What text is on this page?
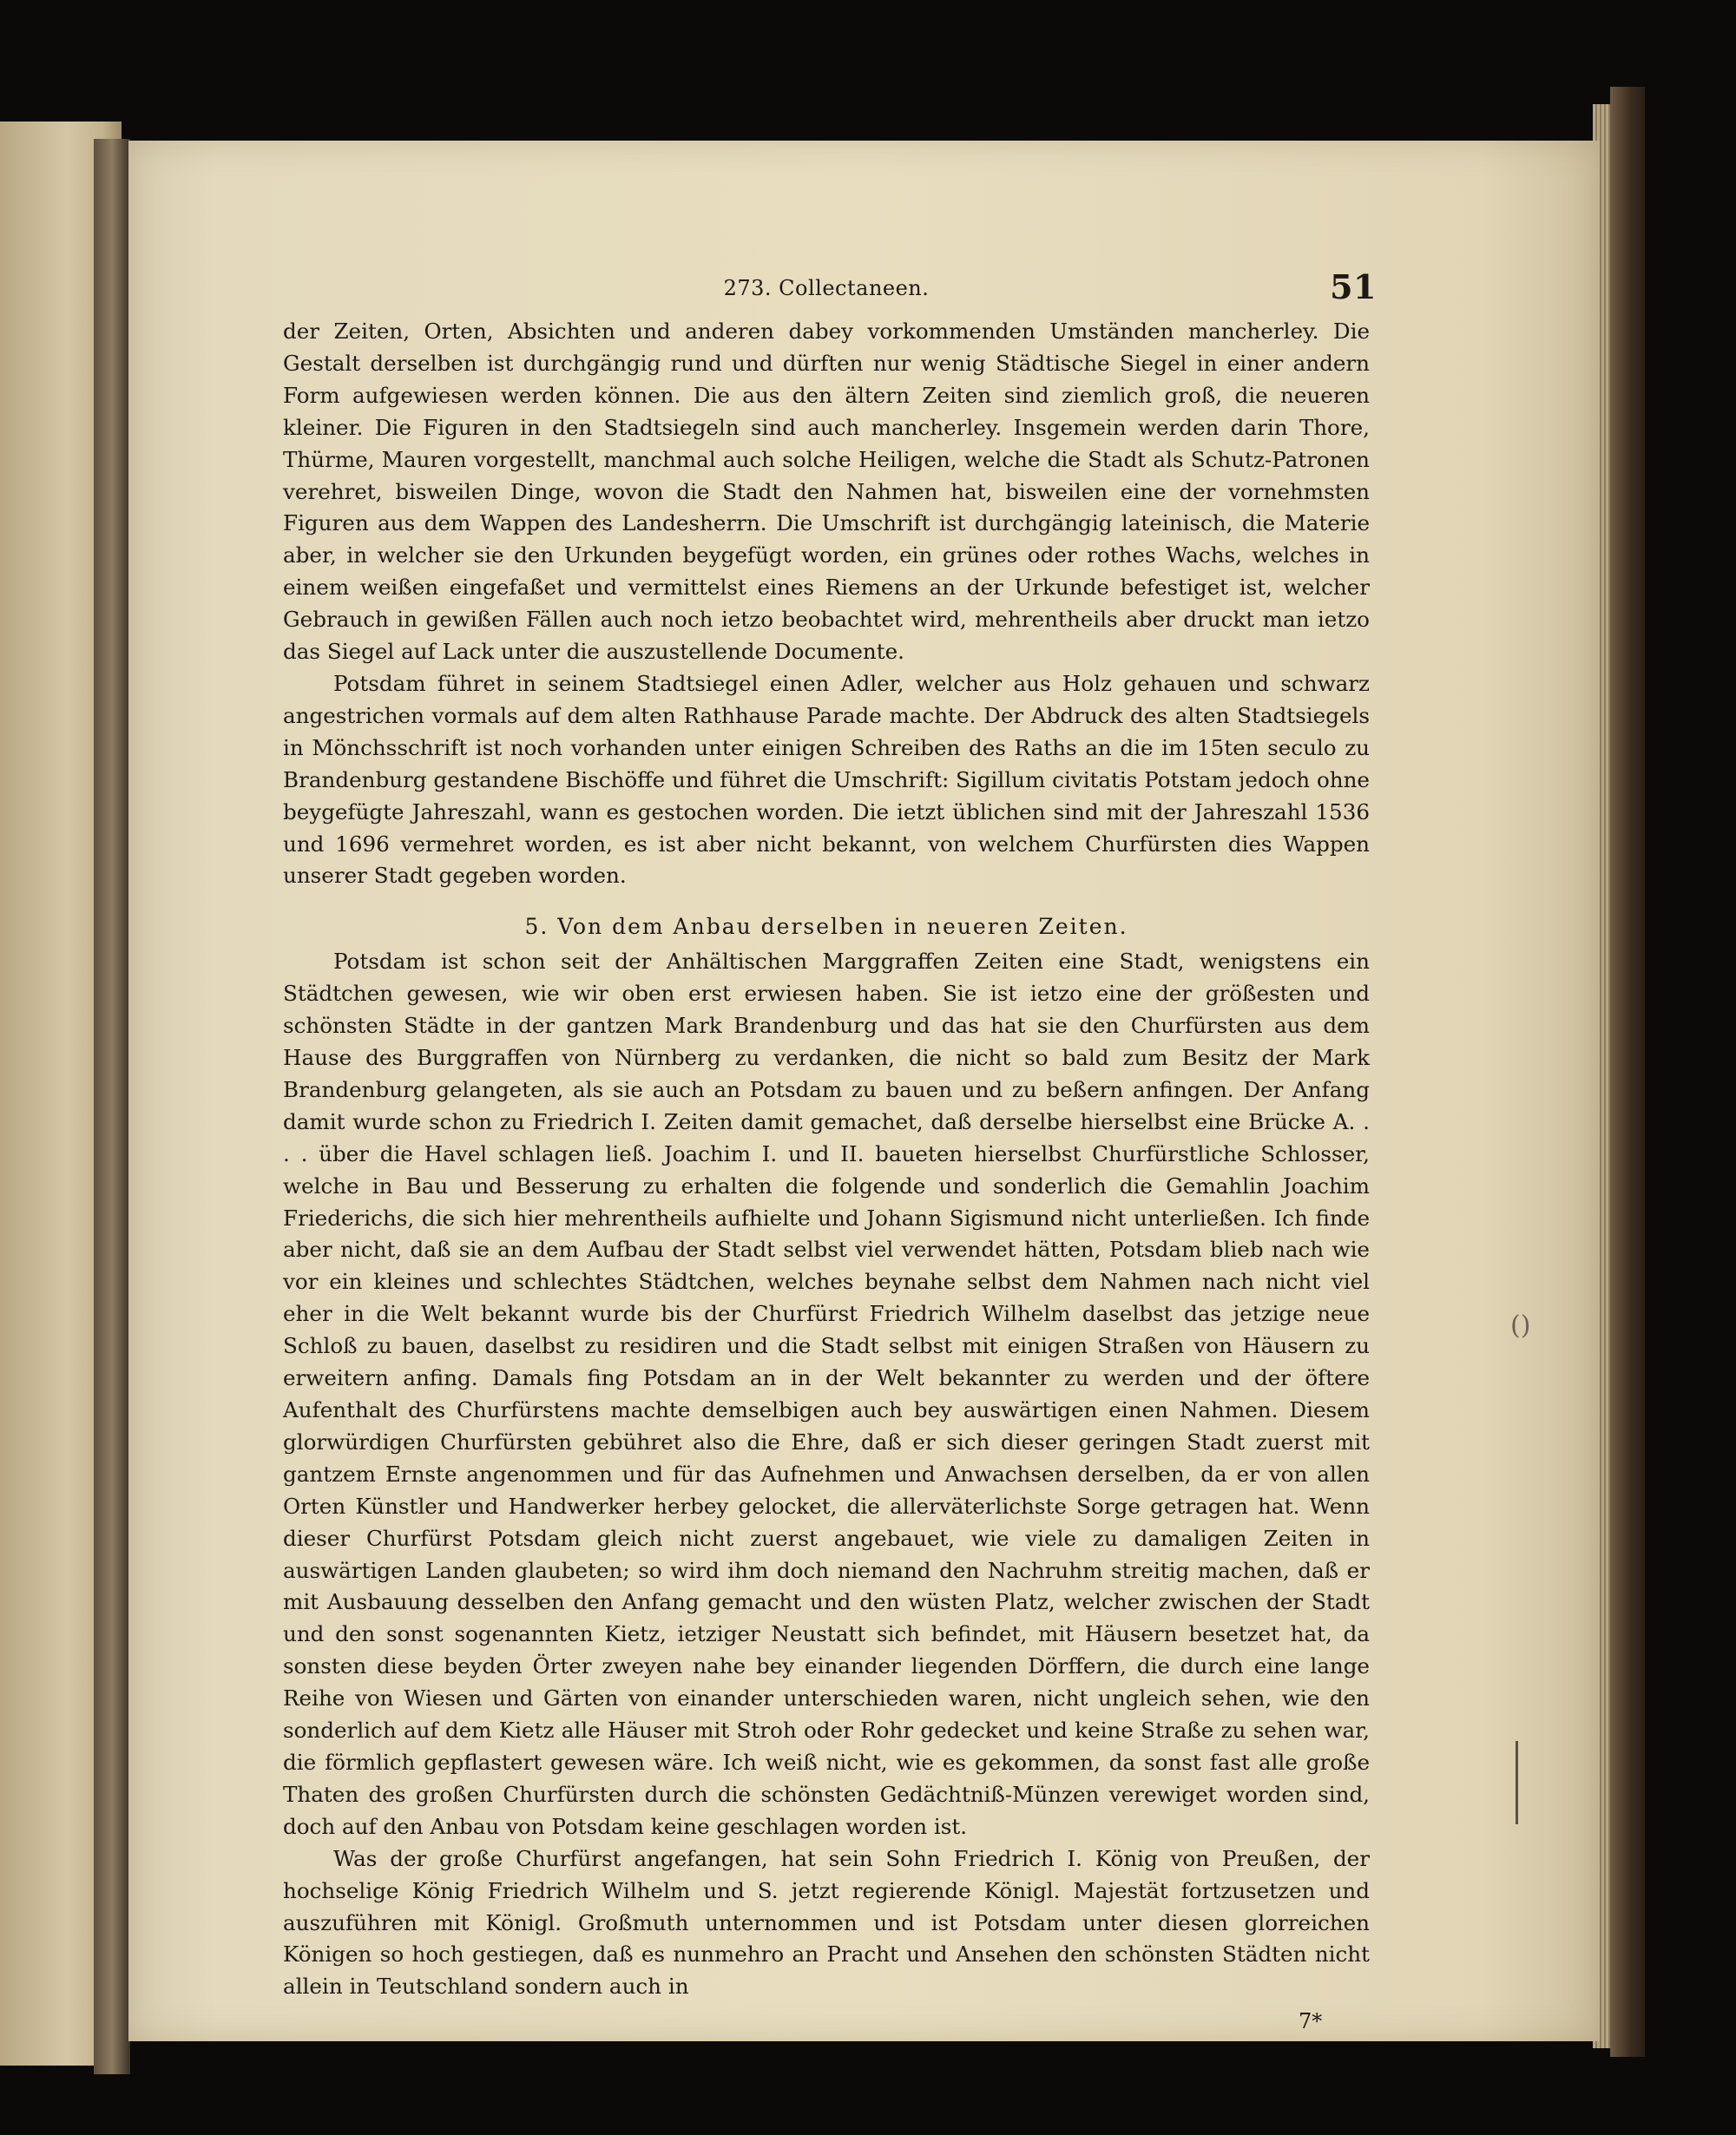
273. Collectaneen.	51

der Zeiten, Orten, Absichten und anderen dabey vorkommenden Umständen mancherley. Die Gestalt derselben ist durchgängig rund und dürften nur wenig Städtische Siegel in einer andern Form aufgewiesen werden können. Die aus den ältern Zeiten sind ziemlich groß, die neueren kleiner. Die Figuren in den Stadtsiegeln sind auch mancherley. Insgemein werden darin Thore, Thürme, Mauren vorgestellt, manchmal auch solche Heiligen, welche die Stadt als Schutz-Patronen verehret, bisweilen Dinge, wovon die Stadt den Nahmen hat, bisweilen eine der vornehmsten Figuren aus dem Wappen des Landesherrn. Die Umschrift ist durchgängig lateinisch, die Materie aber, in welcher sie den Urkunden beygefügt worden, ein grünes oder rothes Wachs, welches in einem weißen eingefaßet und vermittelst eines Riemens an der Urkunde befestiget ist, welcher Gebrauch in gewißen Fällen auch noch ietzo beobachtet wird, mehrentheils aber druckt man ietzo das Siegel auf Lack unter die auszustellende Documente.

Potsdam führet in seinem Stadtsiegel einen Adler, welcher aus Holz gehauen und schwarz angestrichen vormals auf dem alten Rathhause Parade machte. Der Abdruck des alten Stadtsiegels in Mönchsschrift ist noch vorhanden unter einigen Schreiben des Raths an die im 15ten seculo zu Brandenburg gestandene Bischöffe und führet die Umschrift: Sigillum civitatis Potstam jedoch ohne beygefügte Jahreszahl, wann es gestochen worden. Die ietzt üblichen sind mit der Jahreszahl 1536 und 1696 vermehret worden, es ist aber nicht bekannt, von welchem Churfürsten dies Wappen unserer Stadt gegeben worden.

5. Von dem Anbau derselben in neueren Zeiten.

Potsdam ist schon seit der Anhältischen Marggraffen Zeiten eine Stadt, wenigstens ein Städtchen gewesen, wie wir oben erst erwiesen haben. Sie ist ietzo eine der größesten und schönsten Städte in der gantzen Mark Brandenburg und das hat sie den Churfürsten aus dem Hause des Burggraffen von Nürnberg zu verdanken, die nicht so bald zum Besitz der Mark Brandenburg gelangeten, als sie auch an Potsdam zu bauen und zu beßern anfingen. Der Anfang damit wurde schon zu Friedrich I. Zeiten damit gemachet, daß derselbe hierselbst eine Brücke A. . . . über die Havel schlagen ließ. Joachim I. und II. baueten hierselbst Churfürstliche Schlosser, welche in Bau und Besserung zu erhalten die folgende und sonderlich die Gemahlin Joachim Friederichs, die sich hier mehrentheils aufhielte und Johann Sigismund nicht unterließen. Ich finde aber nicht, daß sie an dem Aufbau der Stadt selbst viel verwendet hätten, Potsdam blieb nach wie vor ein kleines und schlechtes Städtchen, welches beynahe selbst dem Nahmen nach nicht viel eher in die Welt bekannt wurde bis der Churfürst Friedrich Wilhelm daselbst das jetzige neue Schloß zu bauen, daselbst zu residiren und die Stadt selbst mit einigen Straßen von Häusern zu erweitern anfing. Damals fing Potsdam an in der Welt bekannter zu werden und der öftere Aufenthalt des Churfürstens machte demselbigen auch bey auswärtigen einen Nahmen. Diesem glorwürdigen Churfürsten gebühret also die Ehre, daß er sich dieser geringen Stadt zuerst mit gantzem Ernste angenommen und für das Aufnehmen und Anwachsen derselben, da er von allen Orten Künstler und Handwerker herbey gelocket, die allerväterlichste Sorge getragen hat. Wenn dieser Churfürst Potsdam gleich nicht zuerst angebauet, wie viele zu damaligen Zeiten in auswärtigen Landen glaubeten; so wird ihm doch niemand den Nachruhm streitig machen, daß er mit Ausbauung desselben den Anfang gemacht und den wüsten Platz, welcher zwischen der Stadt und den sonst sogenannten Kietz, ietziger Neustatt sich befindet, mit Häusern besetzet hat, da sonsten diese beyden Örter zweyen nahe bey einander liegenden Dörffern, die durch eine lange Reihe von Wiesen und Gärten von einander unterschieden waren, nicht ungleich sehen, wie den sonderlich auf dem Kietz alle Häuser mit Stroh oder Rohr gedecket und keine Straße zu sehen war, die förmlich gepflastert gewesen wäre. Ich weiß nicht, wie es gekommen, da sonst fast alle große Thaten des großen Churfürsten durch die schönsten Gedächtniß-Münzen verewiget worden sind, doch auf den Anbau von Potsdam keine geschlagen worden ist.

Was der große Churfürst angefangen, hat sein Sohn Friedrich I. König von Preußen, der hochselige König Friedrich Wilhelm und S. jetzt regierende Königl. Majestät fortzusetzen und auszuführen mit Königl. Großmuth unternommen und ist Potsdam unter diesen glorreichen Königen so hoch gestiegen, daß es nunmehro an Pracht und Ansehen den schönsten Städten nicht allein in Teutschland sondern auch in

7*
()
